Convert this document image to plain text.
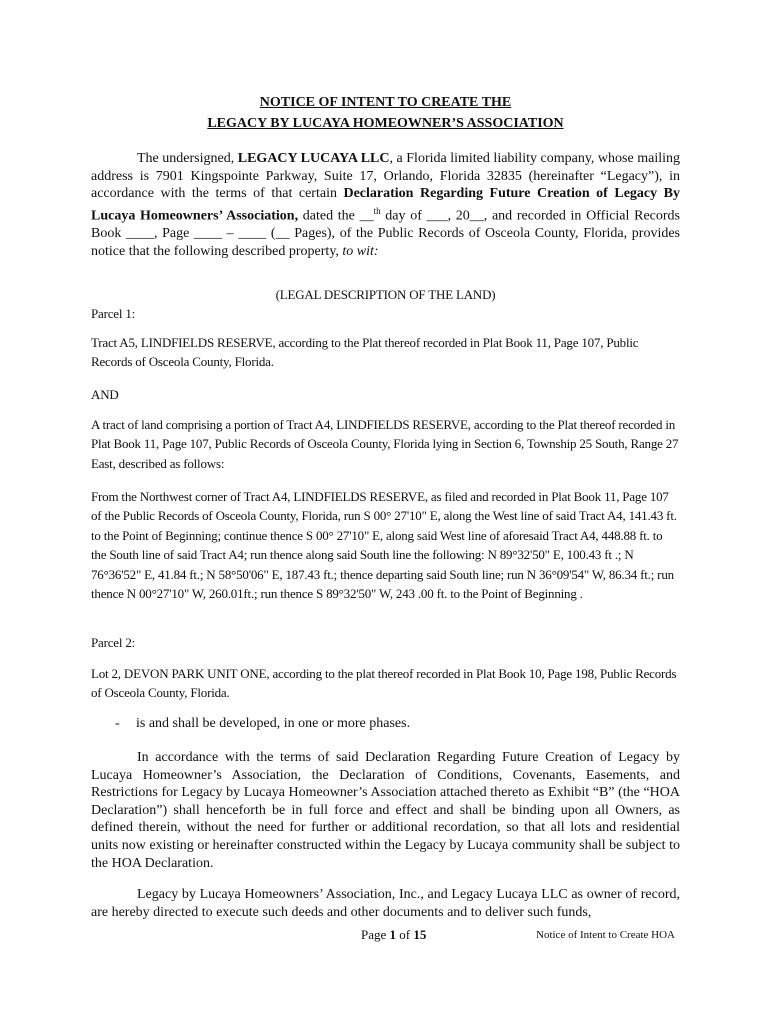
NOTICE OF INTENT TO CREATE THE
LEGACY BY LUCAYA HOMEOWNER’S ASSOCIATION
The undersigned, LEGACY LUCAYA LLC, a Florida limited liability company, whose mailing address is 7901 Kingspointe Parkway, Suite 17, Orlando, Florida 32835 (hereinafter “Legacy”), in accordance with the terms of that certain Declaration Regarding Future Creation of Legacy By Lucaya Homeowners’ Association, dated the __$^{th}$ day of ___, 20__, and recorded in Official Records Book ____, Page ____ – ____ (__ Pages), of the Public Records of Osceola County, Florida, provides notice that the following described property, to wit:
(LEGAL DESCRIPTION OF THE LAND)
Parcel 1:
Tract A5, LINDFIELDS RESERVE, according to the Plat thereof recorded in Plat Book 11, Page 107, Public Records of Osceola County, Florida.
AND
A tract of land comprising a portion of Tract A4, LINDFIELDS RESERVE, according to the Plat thereof recorded in Plat Book 11, Page 107, Public Records of Osceola County, Florida lying in Section 6, Township 25 South, Range 27 East, described as follows:
From the Northwest corner of Tract A4, LINDFIELDS RESERVE, as filed and recorded in Plat Book 11, Page 107 of the Public Records of Osceola County, Florida, run S 00° 27'10" E, along the West line of said Tract A4, 141.43 ft. to the Point of Beginning; continue thence S 00° 27'10" E, along said West line of aforesaid Tract A4, 448.88 ft. to the South line of said Tract A4; run thence along said South line the following: N 89°32'50" E, 100.43 ft .; N 76°36'52" E, 41.84 ft.; N 58°50'06" E, 187.43 ft.; thence departing said South line; run N 36°09'54" W, 86.34 ft.; run thence N 00°27'10" W, 260.01ft.; run thence S 89°32'50" W, 243 .00 ft. to the Point of Beginning .
Parcel 2:
Lot 2, DEVON PARK UNIT ONE, according to the plat thereof recorded in Plat Book 10, Page 198, Public Records of Osceola County, Florida.
- is and shall be developed, in one or more phases.
In accordance with the terms of said Declaration Regarding Future Creation of Legacy by Lucaya Homeowner’s Association, the Declaration of Conditions, Covenants, Easements, and Restrictions for Legacy by Lucaya Homeowner’s Association attached thereto as Exhibit “B” (the “HOA Declaration”) shall henceforth be in full force and effect and shall be binding upon all Owners, as defined therein, without the need for further or additional recordation, so that all lots and residential units now existing or hereinafter constructed within the Legacy by Lucaya community shall be subject to the HOA Declaration.
Legacy by Lucaya Homeowners’ Association, Inc., and Legacy Lucaya LLC as owner of record, are hereby directed to execute such deeds and other documents and to deliver such funds,
Page 1 of 15	Notice of Intent to Create HOA
